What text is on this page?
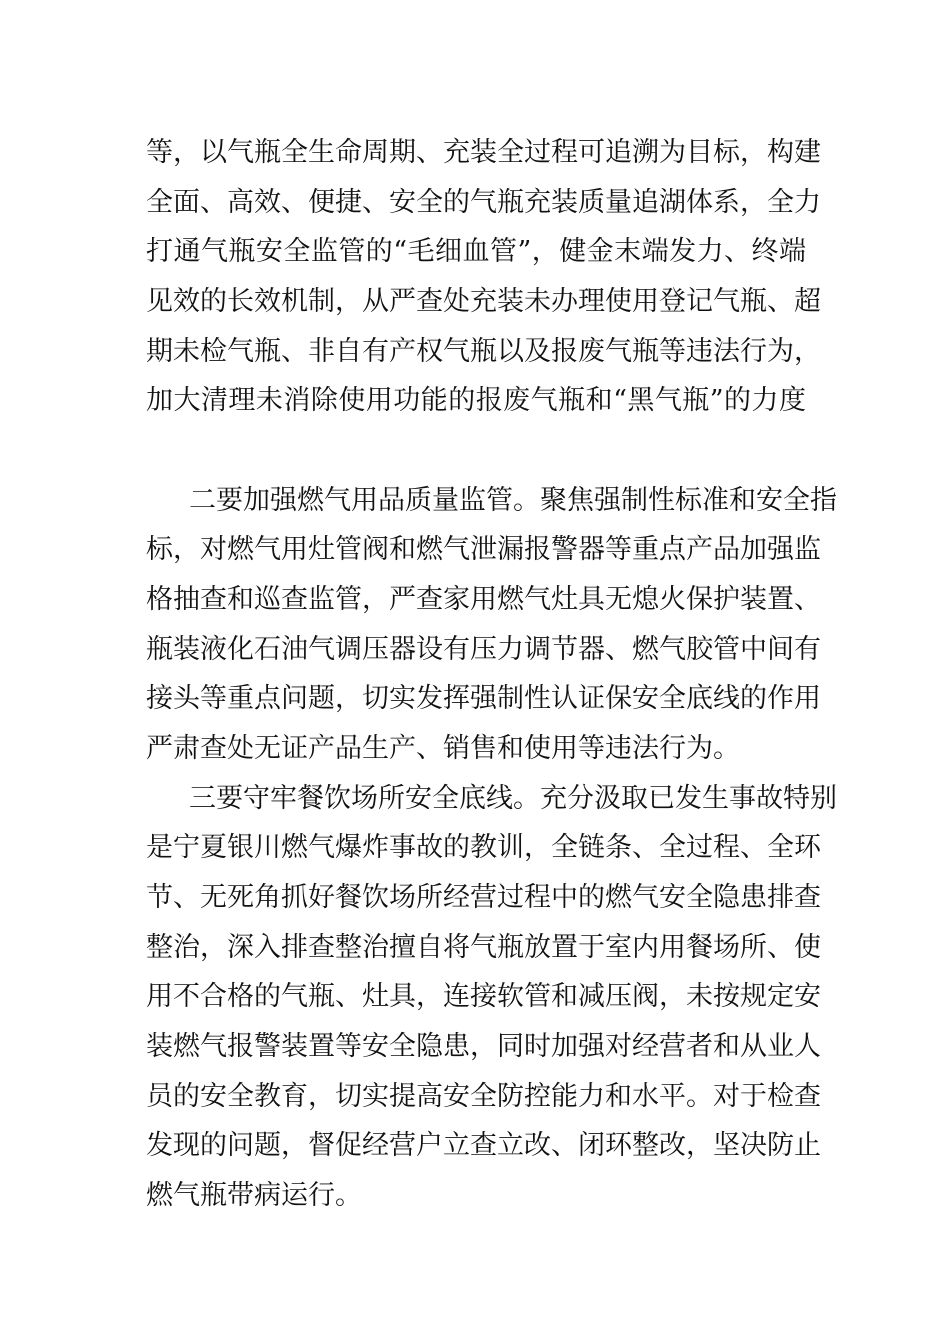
等，以气瓶全生命周期、充装全过程可追溯为目标，构建
全面、高效、便捷、安全的气瓶充装质量追湖体系，全力
打通气瓶安全监管的“毛细血管”，健金末端发力、终端
见效的长效机制，从严查处充装未办理使用登记气瓶、超
期未检气瓶、非自有产权气瓶以及报废气瓶等违法行为，
加大清理未消除使用功能的报废气瓶和“黑气瓶”的力度
二要加强燃气用品质量监管。聚焦强制性标准和安全指
标，对燃气用灶管阀和燃气泄漏报警器等重点产品加强监
格抽查和巡查监管，严查家用燃气灶具无熄火保护装置、
瓶装液化石油气调压器设有压力调节器、燃气胶管中间有
接头等重点问题，切实发挥强制性认证保安全底线的作用
严肃查处无证产品生产、销售和使用等违法行为。
三要守牢餐饮场所安全底线。充分汲取已发生事故特别
是宁夏银川燃气爆炸事故的教训，全链条、全过程、全环
节、无死角抓好餐饮场所经营过程中的燃气安全隐患排查
整治，深入排查整治擅自将气瓶放置于室内用餐场所、使
用不合格的气瓶、灶具，连接软管和减压阀，未按规定安
装燃气报警装置等安全隐患，同时加强对经营者和从业人
员的安全教育，切实提高安全防控能力和水平。对于检查
发现的问题，督促经营户立查立改、闭环整改，坚决防止
燃气瓶带病运行。
